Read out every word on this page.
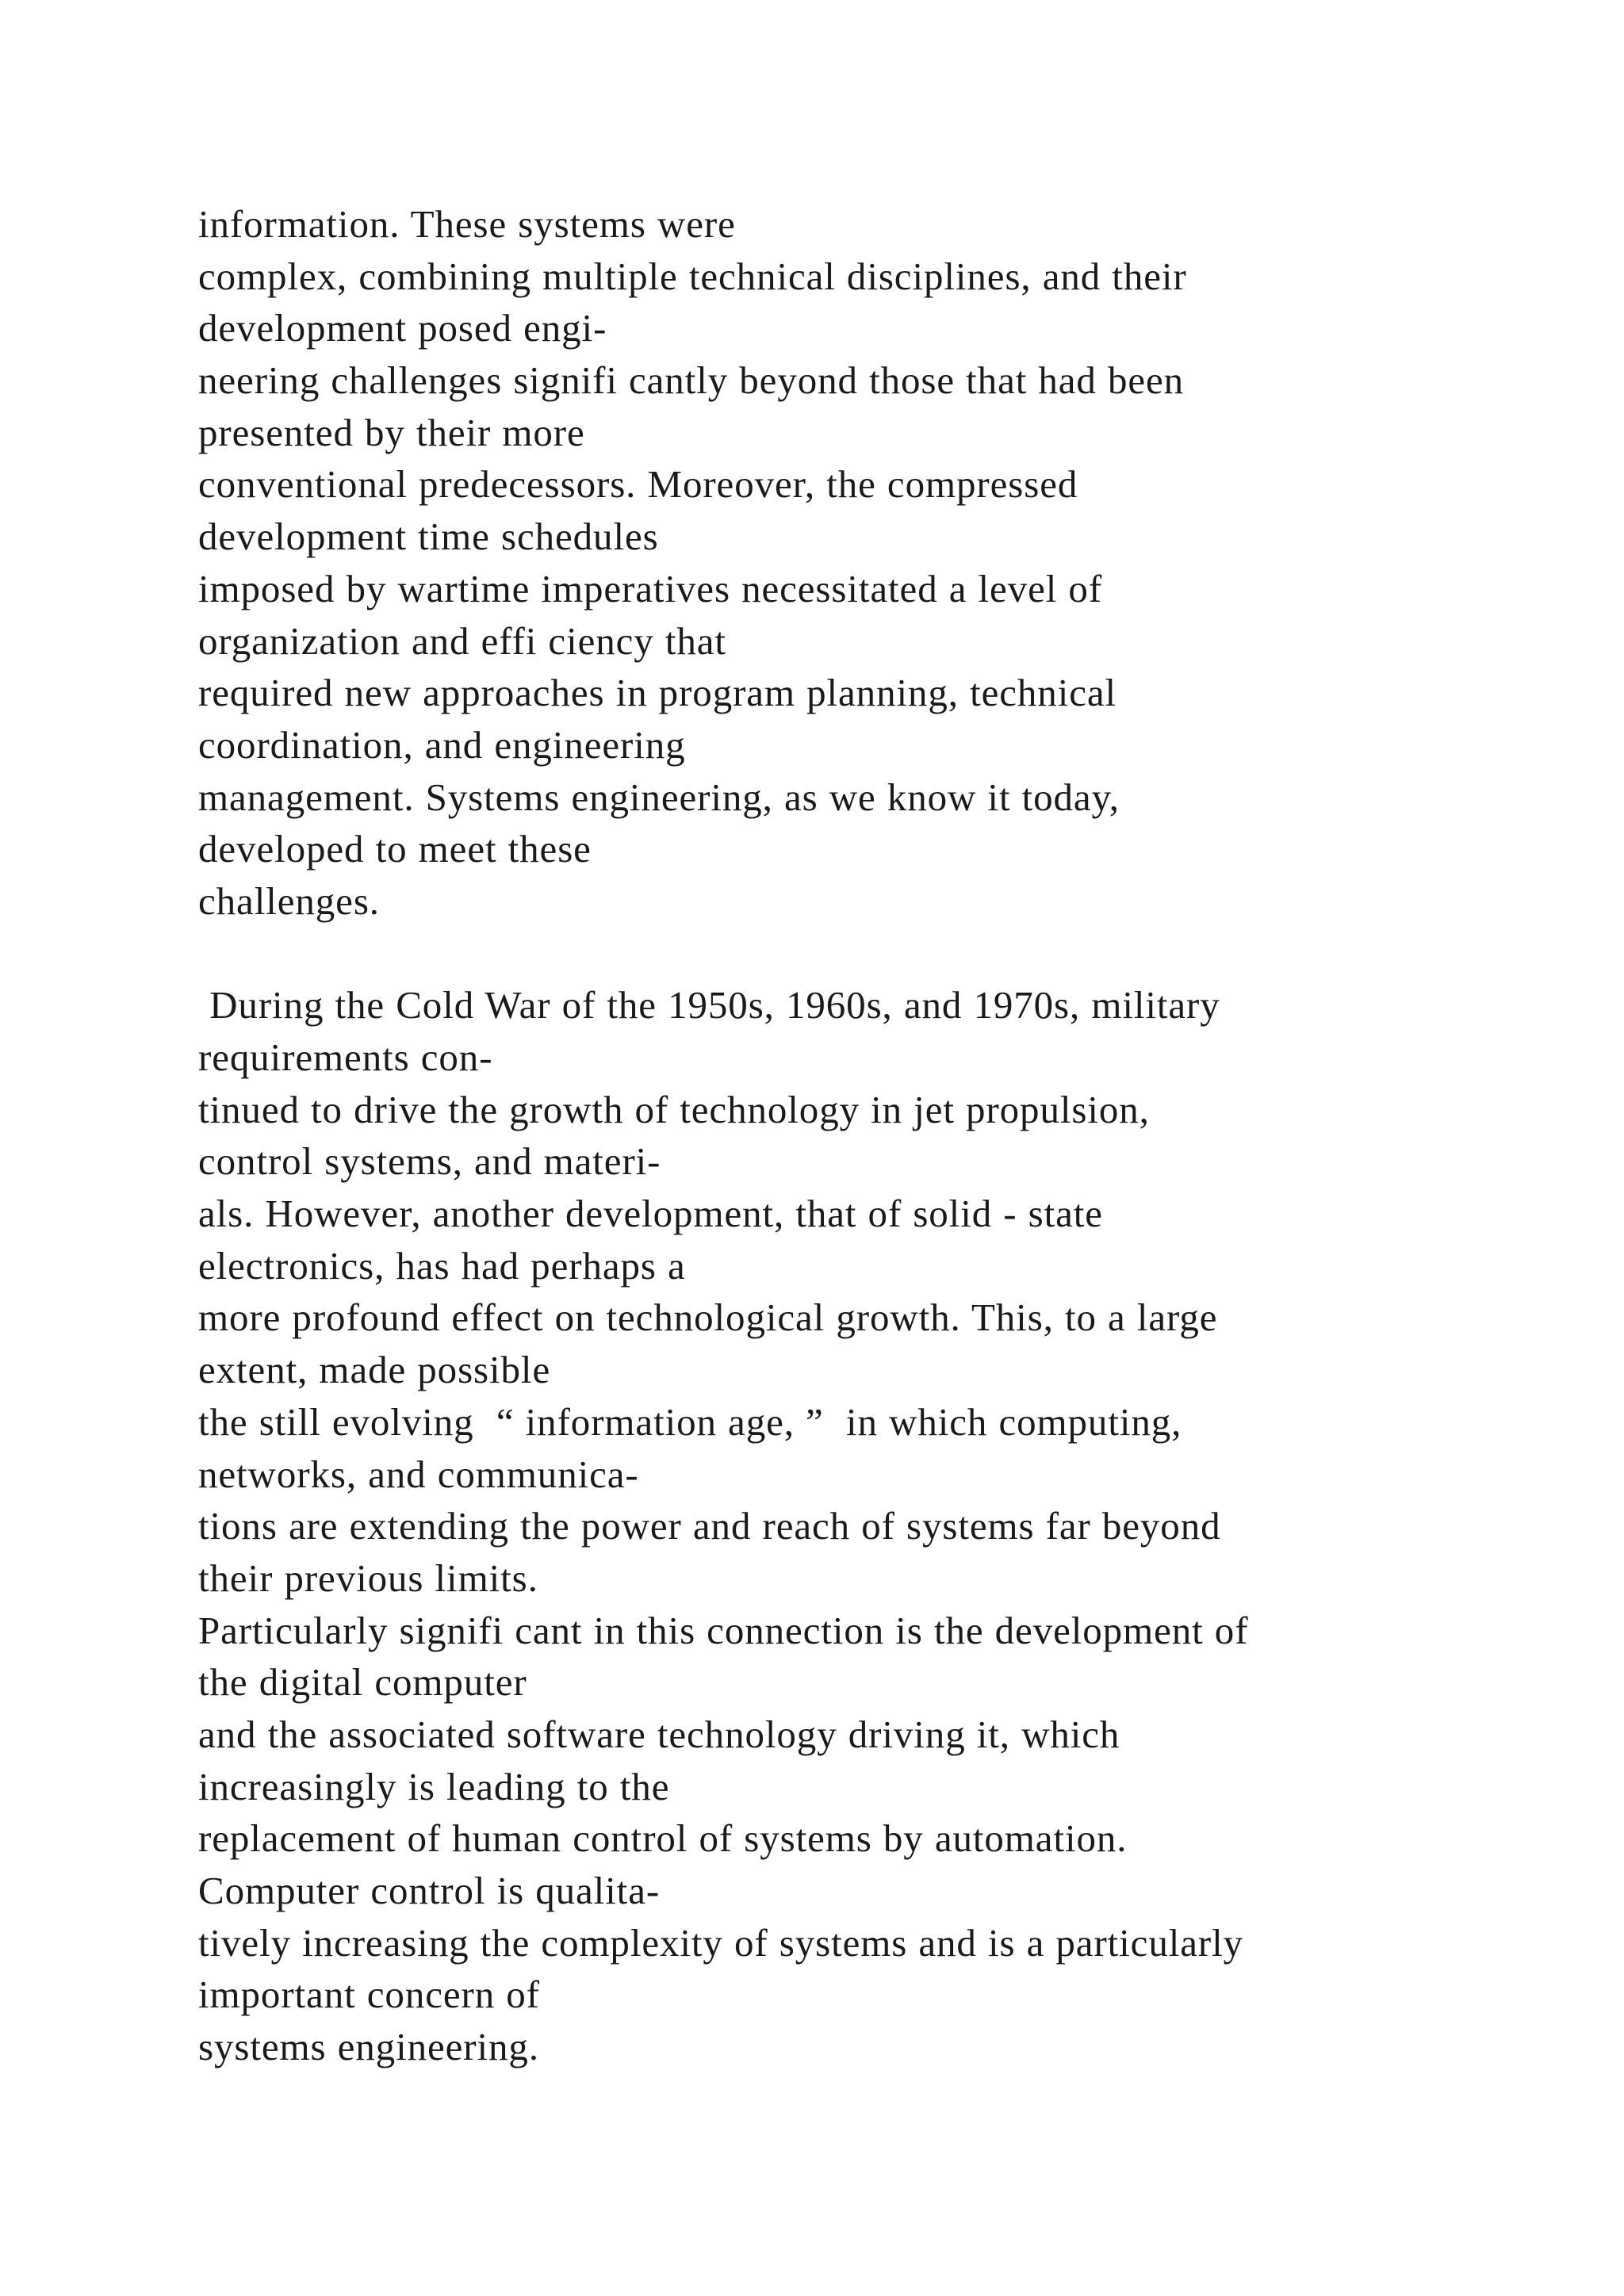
information. These systems were
complex, combining multiple technical disciplines, and their
development posed engi-
neering challenges signifi cantly beyond those that had been
presented by their more
conventional predecessors. Moreover, the compressed
development time schedules
imposed by wartime imperatives necessitated a level of
organization and effi ciency that
required new approaches in program planning, technical
coordination, and engineering
management. Systems engineering, as we know it today,
developed to meet these
challenges.
During the Cold War of the 1950s, 1960s, and 1970s, military
requirements con-
tinued to drive the growth of technology in jet propulsion,
control systems, and materi-
als. However, another development, that of solid - state
electronics, has had perhaps a
more profound effect on technological growth. This, to a large
extent, made possible
the still evolving  “ information age, ”  in which computing,
networks, and communica-
tions are extending the power and reach of systems far beyond
their previous limits.
Particularly signifi cant in this connection is the development of
the digital computer
and the associated software technology driving it, which
increasingly is leading to the
replacement of human control of systems by automation.
Computer control is qualita-
tively increasing the complexity of systems and is a particularly
important concern of
systems engineering.
